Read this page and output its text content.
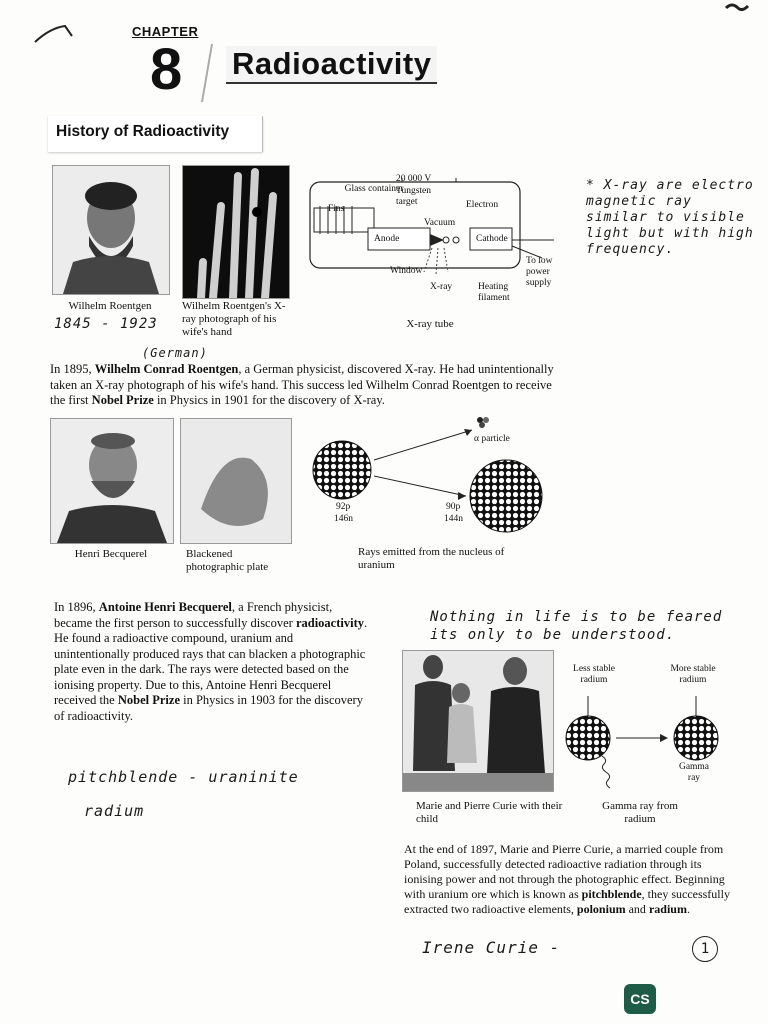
CHAPTER
8 Radioactivity
History of Radioactivity
Wilhelm Roentgen	Wilhelm Roentgen's X-ray photograph of his wife's hand
20 000 V
Glass container
Tungsten target	Electron
Fins
Vacuum
Anode	Cathode
Window
X-ray	Heating filament
To low power supply
X-ray tube
1845 - 1923
(German)
* X-ray are electro magnetic ray similar to visible light but with high frequency.
In 1895, Wilhelm Conrad Roentgen, a German physicist, discovered X-ray. He had unintentionally taken an X-ray photograph of his wife's hand. This success led Wilhelm Conrad Roentgen to receive the first Nobel Prize in Physics in 1901 for the discovery of X-ray.
Henri Becquerel	Blackened photographic plate
α particle
92p
146n
90p
144n
Rays emitted from the nucleus of uranium
In 1896, Antoine Henri Becquerel, a French physicist, became the first person to successfully discover radioactivity. He found a radioactive compound, uranium and unintentionally produced rays that can blacken a photographic plate even in the dark. The rays were detected based on the ionising property. Due to this, Antoine Henri Becquerel received the Nobel Prize in Physics in 1903 for the discovery of radioactivity.
Nothing in life is to be feared its only to be understood.
Marie and Pierre Curie with their child
Less stable radium
More stable radium
Gamma ray
Gamma ray from radium
At the end of 1897, Marie and Pierre Curie, a married couple from Poland, successfully detected radioactive radiation through its ionising power and not through the photographic effect. Beginning with uranium ore which is known as pitchblende, they successfully extracted two radioactive elements, polonium and radium.
pitchblende - uraninite
radium
Irene Curie -	1
CS
